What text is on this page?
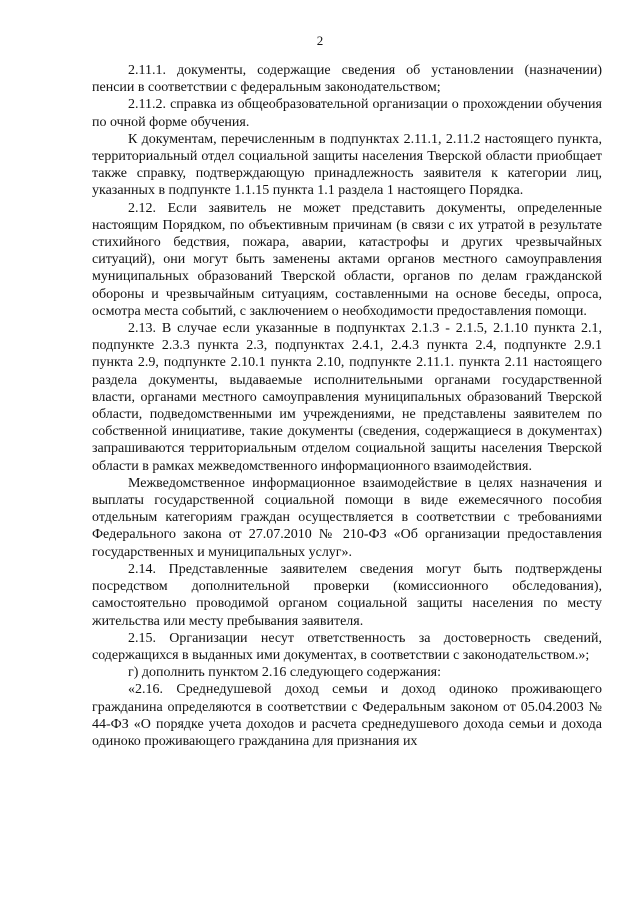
2

2.11.1. документы, содержащие сведения об установлении (назначении) пенсии в соответствии с федеральным законодательством;

2.11.2. справка из общеобразовательной организации о прохождении обучения по очной форме обучения.

К документам, перечисленным в подпунктах 2.11.1, 2.11.2 настоящего пункта, территориальный отдел социальной защиты населения Тверской области приобщает также справку, подтверждающую принадлежность заявителя к категории лиц, указанных в подпункте 1.1.15 пункта 1.1 раздела 1 настоящего Порядка.

2.12. Если заявитель не может представить документы, определенные настоящим Порядком, по объективным причинам (в связи с их утратой в результате стихийного бедствия, пожара, аварии, катастрофы и других чрезвычайных ситуаций), они могут быть заменены актами органов местного самоуправления муниципальных образований Тверской области, органов по делам гражданской обороны и чрезвычайным ситуациям, составленными на основе беседы, опроса, осмотра места событий, с заключением о необходимости предоставления помощи.

2.13. В случае если указанные в подпунктах 2.1.3 - 2.1.5, 2.1.10 пункта 2.1, подпункте 2.3.3 пункта 2.3, подпунктах 2.4.1, 2.4.3 пункта 2.4, подпункте 2.9.1 пункта 2.9, подпункте 2.10.1 пункта 2.10, подпункте 2.11.1. пункта 2.11 настоящего раздела документы, выдаваемые исполнительными органами государственной власти, органами местного самоуправления муниципальных образований Тверской области, подведомственными им учреждениями, не представлены заявителем по собственной инициативе, такие документы (сведения, содержащиеся в документах) запрашиваются территориальным отделом социальной защиты населения Тверской области в рамках межведомственного информационного взаимодействия.

Межведомственное информационное взаимодействие в целях назначения и выплаты государственной социальной помощи в виде ежемесячного пособия отдельным категориям граждан осуществляется в соответствии с требованиями Федерального закона от 27.07.2010 № 210-ФЗ «Об организации предоставления государственных и муниципальных услуг».

2.14. Представленные заявителем сведения могут быть подтверждены посредством дополнительной проверки (комиссионного обследования), самостоятельно проводимой органом социальной защиты населения по месту жительства или месту пребывания заявителя.

2.15. Организации несут ответственность за достоверность сведений, содержащихся в выданных ими документах, в соответствии с законодательством.»;

г) дополнить пунктом 2.16 следующего содержания:

«2.16. Среднедушевой доход семьи и доход одиноко проживающего гражданина определяются в соответствии с Федеральным законом от 05.04.2003 № 44-ФЗ «О порядке учета доходов и расчета среднедушевого дохода семьи и дохода одиноко проживающего гражданина для признания их
